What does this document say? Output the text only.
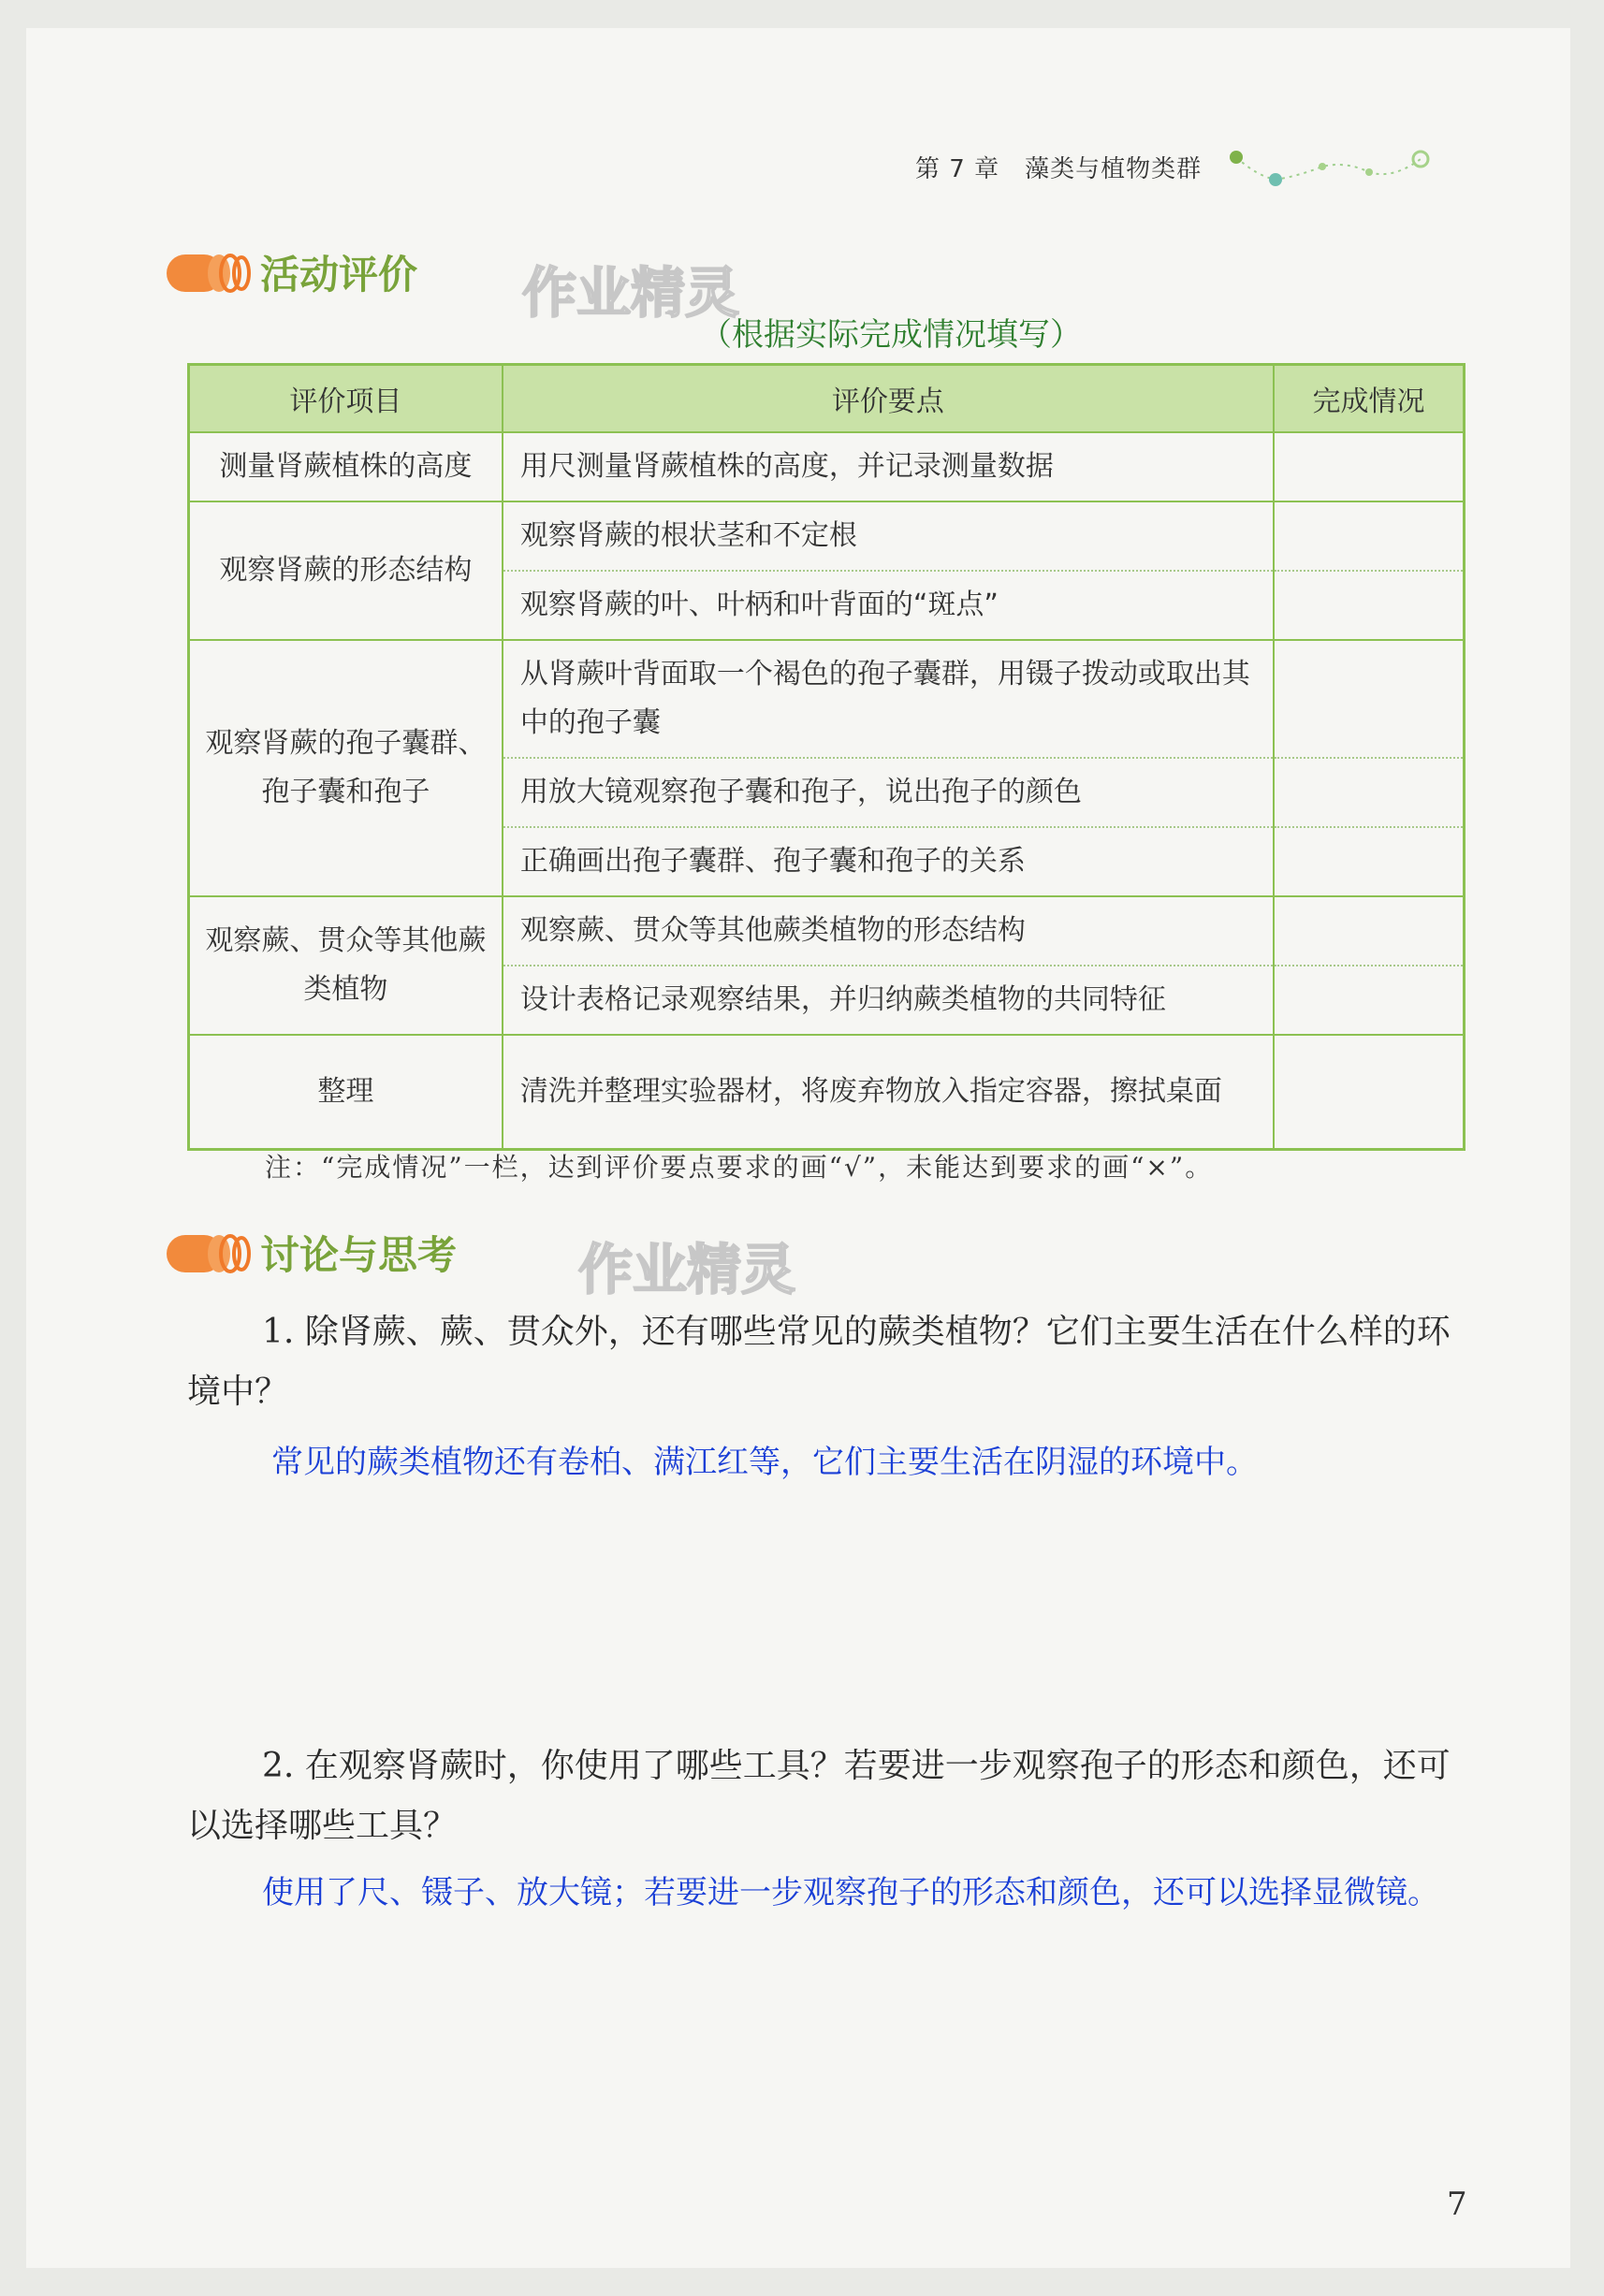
第 7 章　藻类与植物类群
活动评价 作业精灵
（根据实际完成情况填写）
评价项目	评价要点	完成情况
测量肾蕨植株的高度	用尺测量肾蕨植株的高度，并记录测量数据	
观察肾蕨的形态结构	观察肾蕨的根状茎和不定根	
	观察肾蕨的叶、叶柄和叶背面的“斑点”	
观察肾蕨的孢子囊群、孢子囊和孢子	从肾蕨叶背面取一个褐色的孢子囊群，用镊子拨动或取出其中的孢子囊	
	用放大镜观察孢子囊和孢子，说出孢子的颜色	
	正确画出孢子囊群、孢子囊和孢子的关系	
观察蕨、贯众等其他蕨类植物	观察蕨、贯众等其他蕨类植物的形态结构	
	设计表格记录观察结果，并归纳蕨类植物的共同特征	
整理	清洗并整理实验器材，将废弃物放入指定容器，擦拭桌面	
注：“完成情况”一栏，达到评价要点要求的画“√”，未能达到要求的画“×”。
讨论与思考 作业精灵
1. 除肾蕨、蕨、贯众外，还有哪些常见的蕨类植物？它们主要生活在什么样的环境中？
常见的蕨类植物还有卷柏、满江红等，它们主要生活在阴湿的环境中。
2. 在观察肾蕨时，你使用了哪些工具？若要进一步观察孢子的形态和颜色，还可以选择哪些工具？
使用了尺、镊子、放大镜；若要进一步观察孢子的形态和颜色，还可以选择显微镜。
7
